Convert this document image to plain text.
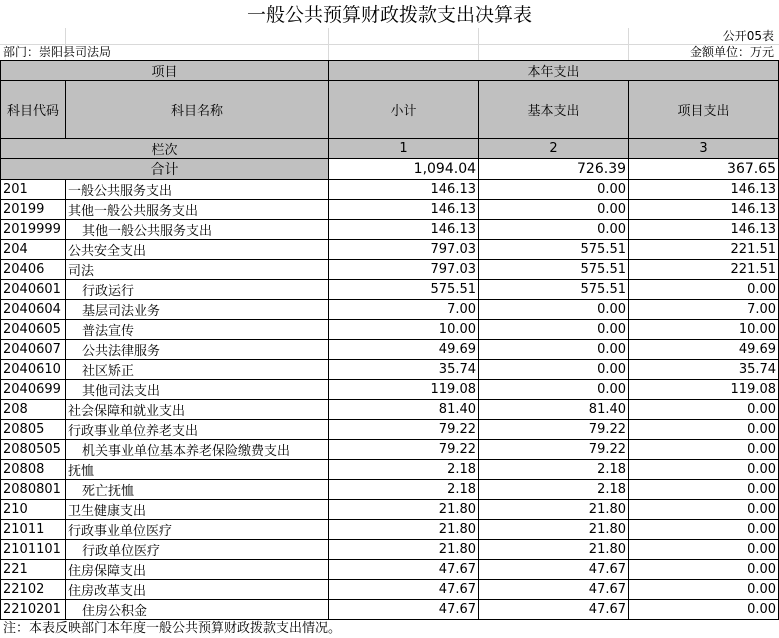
一般公共预算财政拨款支出决算表
公开05表
部门：崇阳县司法局	金额单位：万元
项目		本年支出		
科目代码	科目名称	小计	基本支出	项目支出
栏次		1	2	3
合计		1,094.04	726.39	367.65
201	一般公共服务支出	146.13	0.00	146.13
20199	其他一般公共服务支出	146.13	0.00	146.13
2019999	其他一般公共服务支出	146.13	0.00	146.13
204	公共安全支出	797.03	575.51	221.51
20406	司法	797.03	575.51	221.51
2040601	行政运行	575.51	575.51	0.00
2040604	基层司法业务	7.00	0.00	7.00
2040605	普法宣传	10.00	0.00	10.00
2040607	公共法律服务	49.69	0.00	49.69
2040610	社区矫正	35.74	0.00	35.74
2040699	其他司法支出	119.08	0.00	119.08
208	社会保障和就业支出	81.40	81.40	0.00
20805	行政事业单位养老支出	79.22	79.22	0.00
2080505	机关事业单位基本养老保险缴费支出	79.22	79.22	0.00
20808	抚恤	2.18	2.18	0.00
2080801	死亡抚恤	2.18	2.18	0.00
210	卫生健康支出	21.80	21.80	0.00
21011	行政事业单位医疗	21.80	21.80	0.00
2101101	行政单位医疗	21.80	21.80	0.00
221	住房保障支出	47.67	47.67	0.00
22102	住房改革支出	47.67	47.67	0.00
2210201	住房公积金	47.67	47.67	0.00
注：本表反映部门本年度一般公共预算财政拨款支出情况。
